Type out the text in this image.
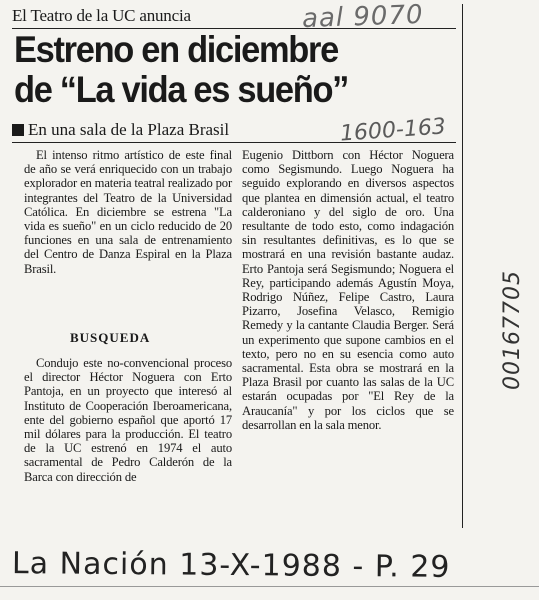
El Teatro de la UC anuncia
Estreno en diciembre
de “La vida es sueño”
En una sala de la Plaza Brasil

El intenso ritmo artístico de este final de año se verá enriquecido con un trabajo explorador en materia teatral realizado por integrantes del Teatro de la Universidad Católica. En diciembre se estrena "La vida es sueño" en un ciclo reducido de 20 funciones en una sala de entrenamiento del Centro de Danza Espiral en la Plaza Brasil.

BUSQUEDA

Condujo este no-convencional proceso el director Héctor Noguera con Erto Pantoja, en un proyecto que interesó al Instituto de Cooperación Iberoamericana, ente del gobierno español que aportó 17 mil dólares para la producción. El teatro de la UC estrenó en 1974 el auto sacramental de Pedro Calderón de la Barca con dirección de

Eugenio Dittborn con Héctor Noguera como Segismundo. Luego Noguera ha seguido explorando en diversos aspectos que plantea en dimensión actual, el teatro calderoniano y del siglo de oro. Una resultante de todo esto, como indagación sin resultantes definitivas, es lo que se mostrará en una revisión bastante audaz. Erto Pantoja será Segismundo; Noguera el Rey, participando además Agustín Moya, Rodrigo Núñez, Felipe Castro, Laura Pizarro, Josefina Velasco, Remigio Remedy y la cantante Claudia Berger. Será un experimento que supone cambios en el texto, pero no en su esencia como auto sacramental. Esta obra se mostrará en la Plaza Brasil por cuanto las salas de la UC estarán ocupadas por "El Rey de la Araucanía" y por los ciclos que se desarrollan en la sala menor.

aal 9070
1600-163
00167705
La Nación 13-X-1988 - P. 29
